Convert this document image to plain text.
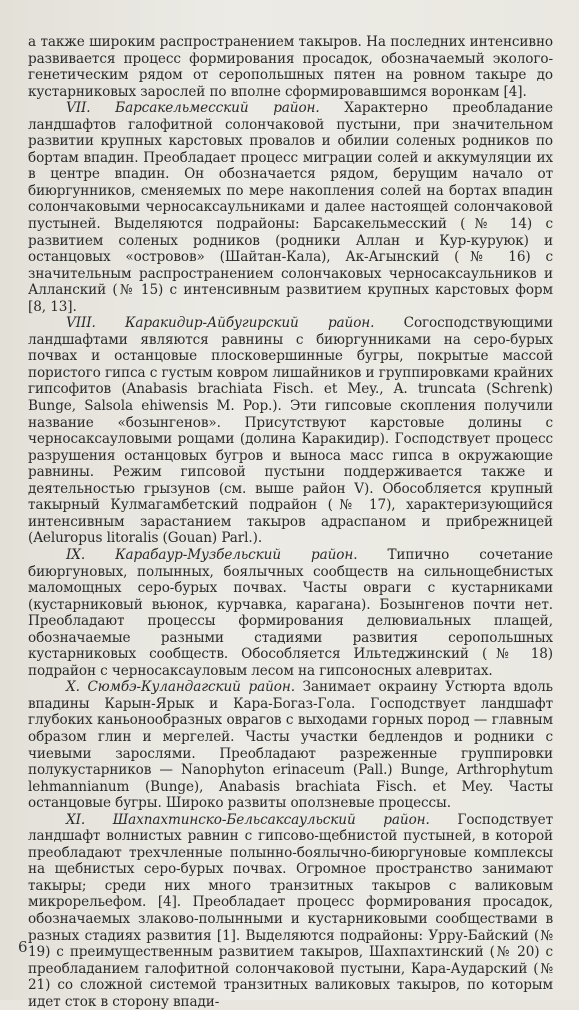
а также широким распространением такыров. На последних интенсивно развивается процесс формирования просадок, обозначаемый эколого-генетическим рядом от серопольшных пятен на ровном такыре до кустарниковых зарослей по вполне сформировавшимся воронкам [4].

VII. Барсакельмесский район. Характерно преобладание ландшафтов галофитной солончаковой пустыни, при значительном развитии крупных карстовых провалов и обилии соленых родников по бортам впадин. Преобладает процесс миграции солей и аккумуляции их в центре впадин. Он обозначается рядом, берущим начало от биюргунников, сменяемых по мере накопления солей на бортах впадин солончаковыми черносаксаульниками и далее настоящей солончаковой пустыней. Выделяются подрайоны: Барсакельмесский (№ 14) с развитием соленых родников (родники Аллан и Кур-куруюк) и останцовых «островов» (Шайтан-Кала), Ак-Агынский (№ 16) с значительным распространением солончаковых черносаксаульников и Алланский (№ 15) с интенсивным развитием крупных карстовых форм [8, 13].

VIII. Каракидир-Айбугирский район. Согосподствующими ландшафтами являются равнины с биюргунниками на серо-бурых почвах и останцовые плосковершинные бугры, покрытые массой пористого гипса с густым ковром лишайников и группировками крайних гипсофитов (Anabasis brachiata Fisch. et Mey., A. truncata (Schrenk) Bunge, Salsola ehiwensis M. Pop.). Эти гипсовые скопления получили название «бозынгенов». Присутствуют карстовые долины с черносаксауловыми рощами (долина Каракидир). Господствует процесс разрушения останцовых бугров и выноса масс гипса в окружающие равнины. Режим гипсовой пустыни поддерживается также и деятельностью грызунов (см. выше район V). Обособляется крупный такырный Кулмагамбетский подрайон (№ 17), характеризующийся интенсивным зарастанием такыров адраспаном и прибрежницей (Aeluropus litoralis (Gouan) Parl.).

IX. Карабаур-Музбельский район. Типично сочетание биюргуновых, полынных, боялычных сообществ на сильнощебнистых маломощных серо-бурых почвах. Часты овраги с кустарниками (кустарниковый вьюнок, курчавка, карагана). Бозынгенов почти нет. Преобладают процессы формирования делювиальных плащей, обозначаемые разными стадиями развития серопольшных кустарниковых сообществ. Обособляется Ильтеджинский (№ 18) подрайон с черносаксауловым лесом на гипсоносных алевритах.

X. Сюмбэ-Куландагский район. Занимает окраину Устюрта вдоль впадины Карын-Ярык и Кара-Богаз-Гола. Господствует ландшафт глубоких каньонообразных оврагов с выходами горных пород — главным образом глин и мергелей. Часты участки бедлендов и родники с чиевыми зарослями. Преобладают разреженные группировки полукустарников — Nanophyton erinaceum (Pall.) Bunge, Arthrophytum lehmannianum (Bunge), Anabasis brachiata Fisch. et Mey. Часты останцовые бугры. Широко развиты оползневые процессы.

XI. Шахпахтинско-Бельсаксаульский район. Господствует ландшафт волнистых равнин с гипсово-щебнистой пустыней, в которой преобладают трехчленные полынно-боялычно-биюргуновые комплексы на щебнистых серо-бурых почвах. Огромное пространство занимают такыры; среди них много транзитных такыров с валиковым микрорельефом. [4]. Преобладает процесс формирования просадок, обозначаемых злаково-полынными и кустарниковыми сообществами в разных стадиях развития [1]. Выделяются подрайоны: Урру-Байский (№ 19) с преимущественным развитием такыров, Шахпахтинский (№ 20) с преобладанием галофитной солончаковой пустыни, Кара-Аударский (№ 21) со сложной системой транзитных валиковых такыров, по которым идет сток в сторону впади-

6
